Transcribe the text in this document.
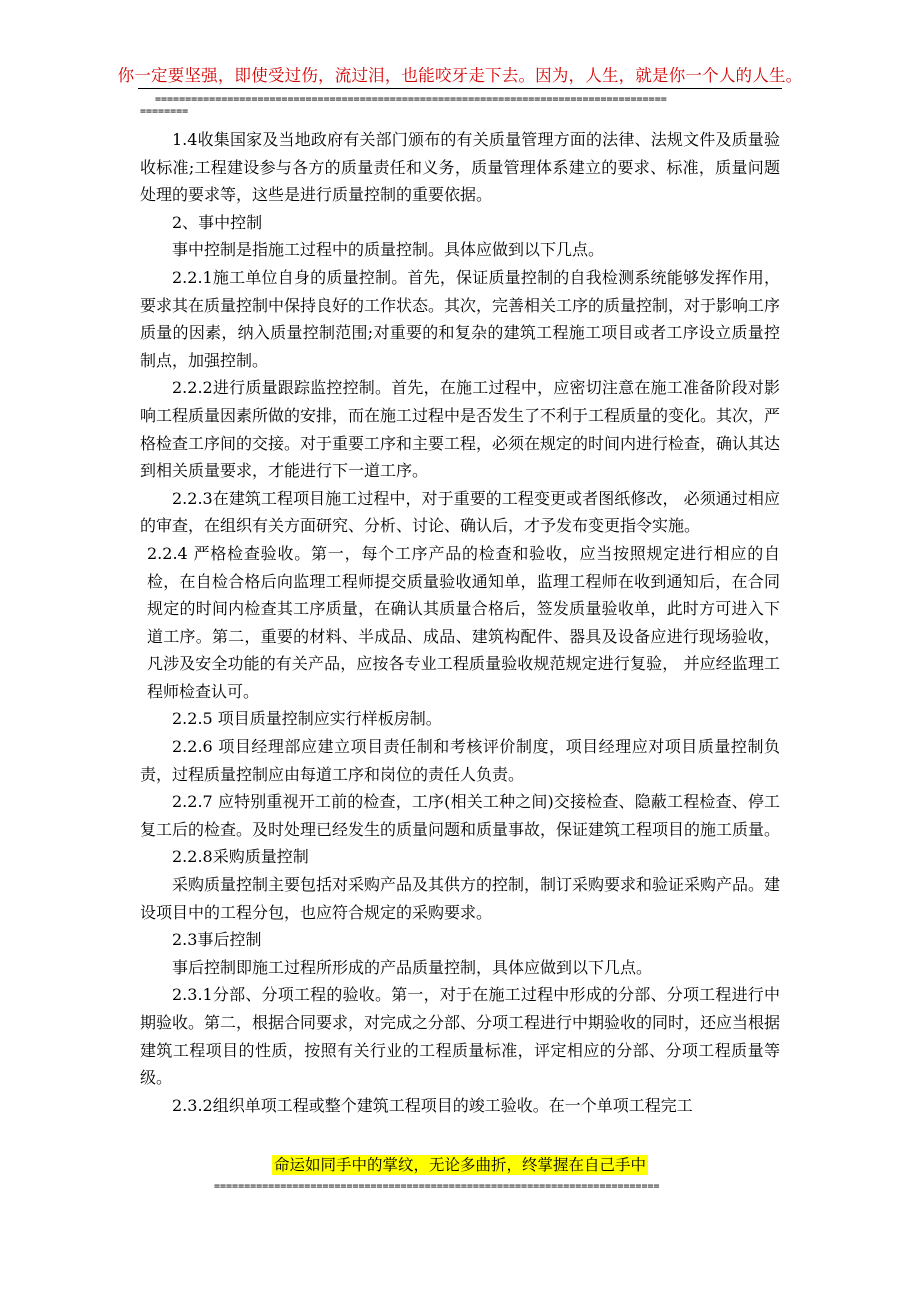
你一定要坚强，即使受过伤，流过泪，也能咬牙走下去。因为，人生，就是你一个人的人生。
=====================================================================================
========

1.4收集国家及当地政府有关部门颁布的有关质量管理方面的法律、法规文件及质量验收标准;工程建设参与各方的质量责任和义务，质量管理体系建立的要求、标准，质量问题处理的要求等，这些是进行质量控制的重要依据。

2、事中控制

事中控制是指施工过程中的质量控制。具体应做到以下几点。

2.2.1施工单位自身的质量控制。首先，保证质量控制的自我检测系统能够发挥作用，要求其在质量控制中保持良好的工作状态。其次，完善相关工序的质量控制，对于影响工序质量的因素，纳入质量控制范围;对重要的和复杂的建筑工程施工项目或者工序设立质量控制点，加强控制。

2.2.2进行质量跟踪监控控制。首先，在施工过程中，应密切注意在施工准备阶段对影响工程质量因素所做的安排，而在施工过程中是否发生了不利于工程质量的变化。其次，严格检查工序间的交接。对于重要工序和主要工程，必须在规定的时间内进行检查，确认其达到相关质量要求，才能进行下一道工序。

2.2.3在建筑工程项目施工过程中，对于重要的工程变更或者图纸修改， 必须通过相应的审查，在组织有关方面研究、分析、讨论、确认后，才予发布变更指令实施。

2.2.4 严格检查验收。第一，每个工序产品的检查和验收，应当按照规定进行相应的自检，在自检合格后向监理工程师提交质量验收通知单，监理工程师在收到通知后，在合同规定的时间内检查其工序质量，在确认其质量合格后，签发质量验收单，此时方可进入下道工序。第二，重要的材料、半成品、成品、建筑构配件、器具及设备应进行现场验收，凡涉及安全功能的有关产品，应按各专业工程质量验收规范规定进行复验， 并应经监理工程师检查认可。

2.2.5 项目质量控制应实行样板房制。

2.2.6 项目经理部应建立项目责任制和考核评价制度，项目经理应对项目质量控制负责，过程质量控制应由每道工序和岗位的责任人负责。

2.2.7 应特别重视开工前的检查，工序(相关工种之间)交接检查、隐蔽工程检查、停工复工后的检查。及时处理已经发生的质量问题和质量事故，保证建筑工程项目的施工质量。

2.2.8采购质量控制

采购质量控制主要包括对采购产品及其供方的控制，制订采购要求和验证采购产品。建设项目中的工程分包，也应符合规定的采购要求。

2.3事后控制

事后控制即施工过程所形成的产品质量控制，具体应做到以下几点。

2.3.1分部、分项工程的验收。第一，对于在施工过程中形成的分部、分项工程进行中期验收。第二，根据合同要求，对完成之分部、分项工程进行中期验收的同时，还应当根据建筑工程项目的性质，按照有关行业的工程质量标准，评定相应的分部、分项工程质量等级。

2.3.2组织单项工程或整个建筑工程项目的竣工验收。在一个单项工程完工

命运如同手中的掌纹，无论多曲折，终掌握在自己手中
==========================================================================
